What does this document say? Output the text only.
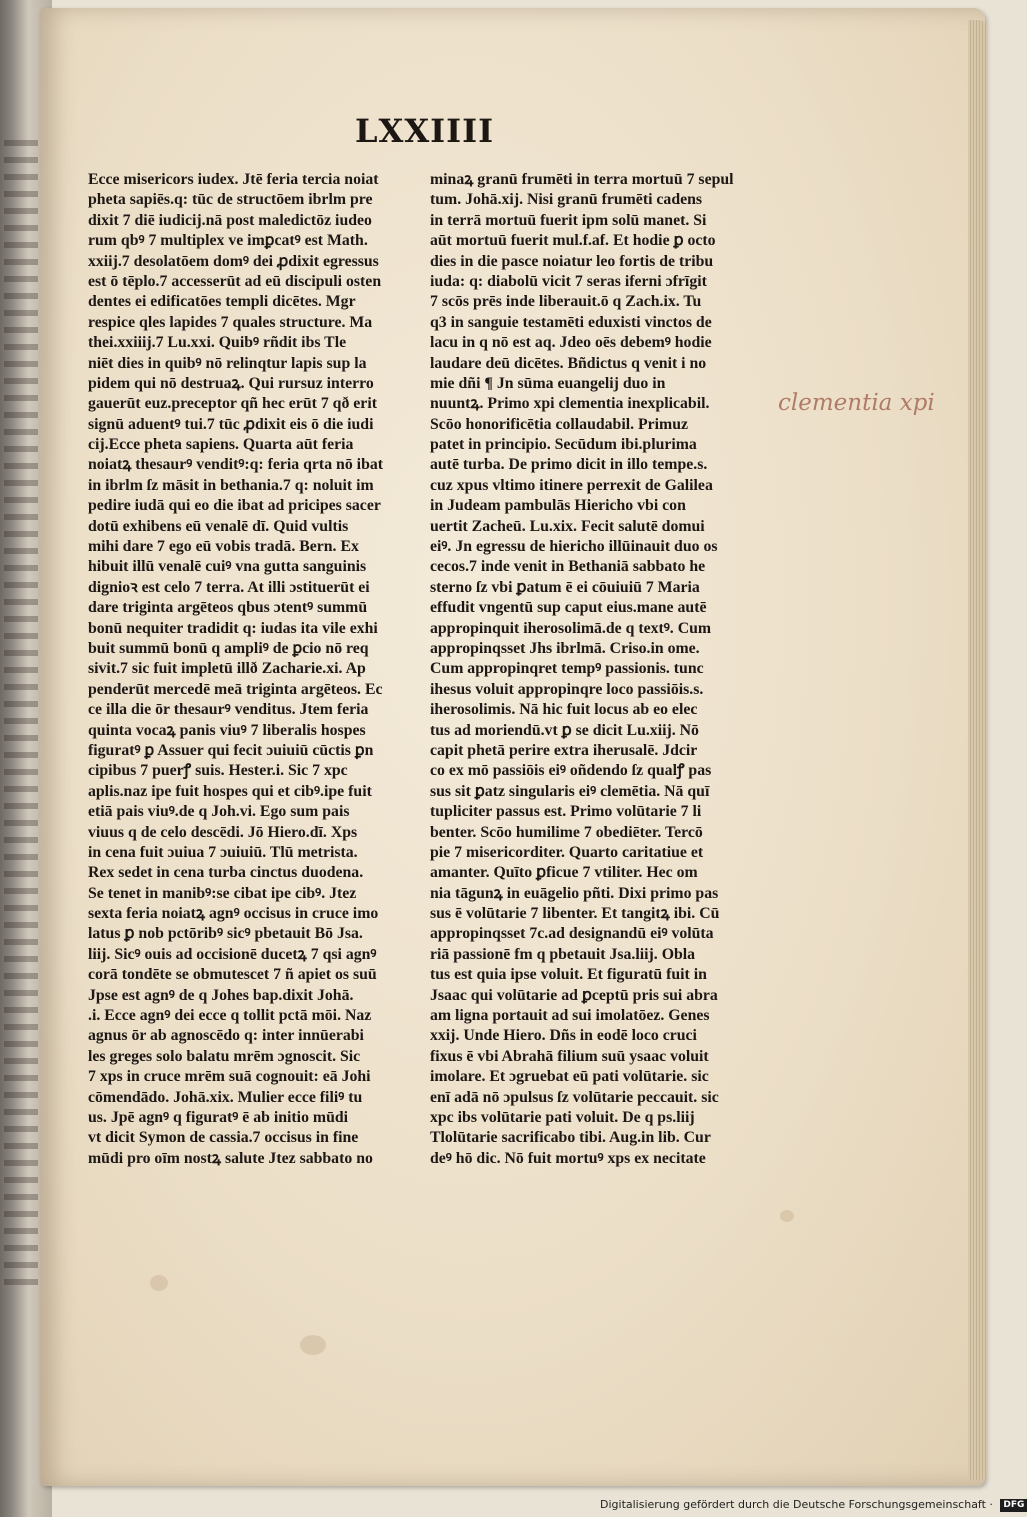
LXXIIII
Ecce misericors iudex. Jtē feria tercia noiat
pheta sapiēs.q: tūc de structōem ibrlm pre
dixit 7 diē iudicij.nā post maledictōz iudeo
rum qbꝰ 7 multiplex ve imꝑcatꝰ est Math.
xxiij.7 desolatōem domꝰ dei ꝓdixit egressus
est ō tēplo.7 accesserūt ad eū discipuli osten
dentes ei edificatōes templi dicētes. Mgr
respice qles lapides 7 quales structure. Ma
thei.xxiiij.7 Lu.xxi. Quibꝰ rñdit ibs Tle
niēt dies in quibꝰ nō relinqtur lapis sup la
pidem qui nō destruaꝝ. Qui rursuz interro
gauerūt euz.preceptor qñ hec erūt 7 qð erit
signū aduentꝰ tui.7 tūc ꝓdixit eis ō die iudi
cij.Ecce pheta sapiens. Quarta aūt feria
noiatꝝ thesaurꝰ venditꝰ:q: feria qrta nō ibat
in ibrlm ſz māsit in bethania.7 q: noluit im
pedire iudā qui eo die ibat ad pricipes sacer
dotū exhibens eū venalē dī. Quid vultis
mihi dare 7 ego eū vobis tradā. Bern. Ex
hibuit illū venalē cuiꝰ vna gutta sanguinis
dignioꝛ est celo 7 terra. At illi ɔstituerūt ei
dare triginta argēteos qbus ɔtentꝰ summū
bonū nequiter tradidit q: iudas ita vile exhi
buit summū bonū q ampliꝰ de ꝑcio nō req
sivit.7 sic fuit impletū illð Zacharie.xi. Ap
penderūt mercedē meā triginta argēteos. Ec
ce illa die ōr thesaurꝰ venditus. Jtem feria
quinta vocaꝝ panis viuꝰ 7 liberalis hospes
figuratꝰ ꝑ Assuer qui fecit ɔuiuiū cūctis ꝑn
cipibus 7 puerꝭ suis. Hester.i. Sic 7 xpc
aplis.naz ipe fuit hospes qui et cibꝰ.ipe fuit
etiā pais viuꝰ.de q Joh.vi. Ego sum pais
viuus q de celo descēdi. Jō Hiero.dī. Xps
in cena fuit ɔuiua 7 ɔuiuiū. Tlū metrista.
Rex sedet in cena turba cinctus duodena.
Se tenet in manibꝰ:se cibat ipe cibꝰ. Jtez
sexta feria noiatꝝ agnꝰ occisus in cruce imo
latus ꝑ nob pctōribꝰ sicꝰ pbetauit Bō Jsa.
liij. Sicꝰ ouis ad occisionē ducetꝝ 7 qsi agnꝰ
corā tondēte se obmutescet 7 ñ apiet os suū
Jpse est agnꝰ de q Johes bap.dixit Johā.
.i. Ecce agnꝰ dei ecce q tollit pctā mōi. Naz
agnus ōr ab agnoscēdo q: inter innūerabi
les greges solo balatu mrēm ɔgnoscit. Sic
7 xps in cruce mrēm suā cognouit: eā Johi
cōmendādo. Johā.xix. Mulier ecce filiꝰ tu
us. Jpē agnꝰ q figuratꝰ ē ab initio mūdi
vt dicit Symon de cassia.7 occisus in fine
mūdi pro oīm nostꝝ salute Jtez sabbato no
minaꝝ granū frumēti in terra mortuū 7 sepul
tum. Johā.xij. Nisi granū frumēti cadens
in terrā mortuū fuerit ipm solū manet. Si
aūt mortuū fuerit mul.f.af. Et hodie ꝑ octo
dies in die pasce noiatur leo fortis de tribu
iuda: q: diabolū vicit 7 seras iferni ɔfrīgit
7 scōs prēs inde liberauit.ō q Zach.ix. Tu
q3 in sanguie testamēti eduxisti vinctos de
lacu in q nō est aq. Jdeo oēs debemꝰ hodie
laudare deū dicētes. Bñdictus q venit i no
mie dñi ¶ Jn sūma euangelij duo in
nuuntꝝ. Primo xpi clementia inexplicabil.
Scōo honorificētia collaudabil. Primuz
patet in principio. Secūdum ibi.plurima
autē turba. De primo dicit in illo tempe.s.
cuz xpus vltimo itinere perrexit de Galilea
in Judeam pambulās Hiericho vbi con
uertit Zacheū. Lu.xix. Fecit salutē domui
eiꝰ. Jn egressu de hiericho illūinauit duo os
cecos.7 inde venit in Bethaniā sabbato he
sterno ſz vbi ꝑatum ē ei cōuiuiū 7 Maria
effudit vngentū sup caput eius.mane autē
appropinquit iherosolimā.de q textꝰ. Cum
appropinqsset Jhs ibrlmā. Criso.in ome.
Cum appropinqret tempꝰ passionis. tunc
ihesus voluit appropinqre loco passiōis.s.
iherosolimis. Nā hic fuit locus ab eo elec
tus ad moriendū.vt ꝑ se dicit Lu.xiij. Nō
capit phetā perire extra iherusalē. Jdcir
co ex mō passiōis eiꝰ oñdendo ſz qualꝭ pas
sus sit ꝑatz singularis eiꝰ clemētia. Nā quī
tupliciter passus est. Primo volūtarie 7 li
benter. Scōo humilime 7 obediēter. Tercō
pie 7 misericorditer. Quarto caritatiue et
amanter. Quīto ꝑficue 7 vtiliter. Hec om
nia tāgunꝝ in euāgelio pñti. Dixi primo pas
sus ē volūtarie 7 libenter. Et tangitꝝ ibi. Cū
appropinqsset 7c.ad designandū eiꝰ volūta
riā passionē fm q pbetauit Jsa.liij. Obla
tus est quia ipse voluit. Et figuratū fuit in
Jsaac qui volūtarie ad ꝑceptū pris sui abra
am ligna portauit ad sui imolatōez. Genes
xxij. Unde Hiero. Dñs in eodē loco cruci
fixus ē vbi Abrahā filium suū ysaac voluit
imolare. Et ɔgruebat eū pati volūtarie. sic
enī adā nō ɔpulsus ſz volūtarie peccauit. sic
xpc ibs volūtarie pati voluit. De q ps.liij
Tlolūtarie sacrificabo tibi. Aug.in lib. Cur
deꝰ hō dic. Nō fuit mortuꝰ xps ex necitate

clementia xpi

Digitalisierung gefördert durch die Deutsche Forschungsgemeinschaft · DFG
